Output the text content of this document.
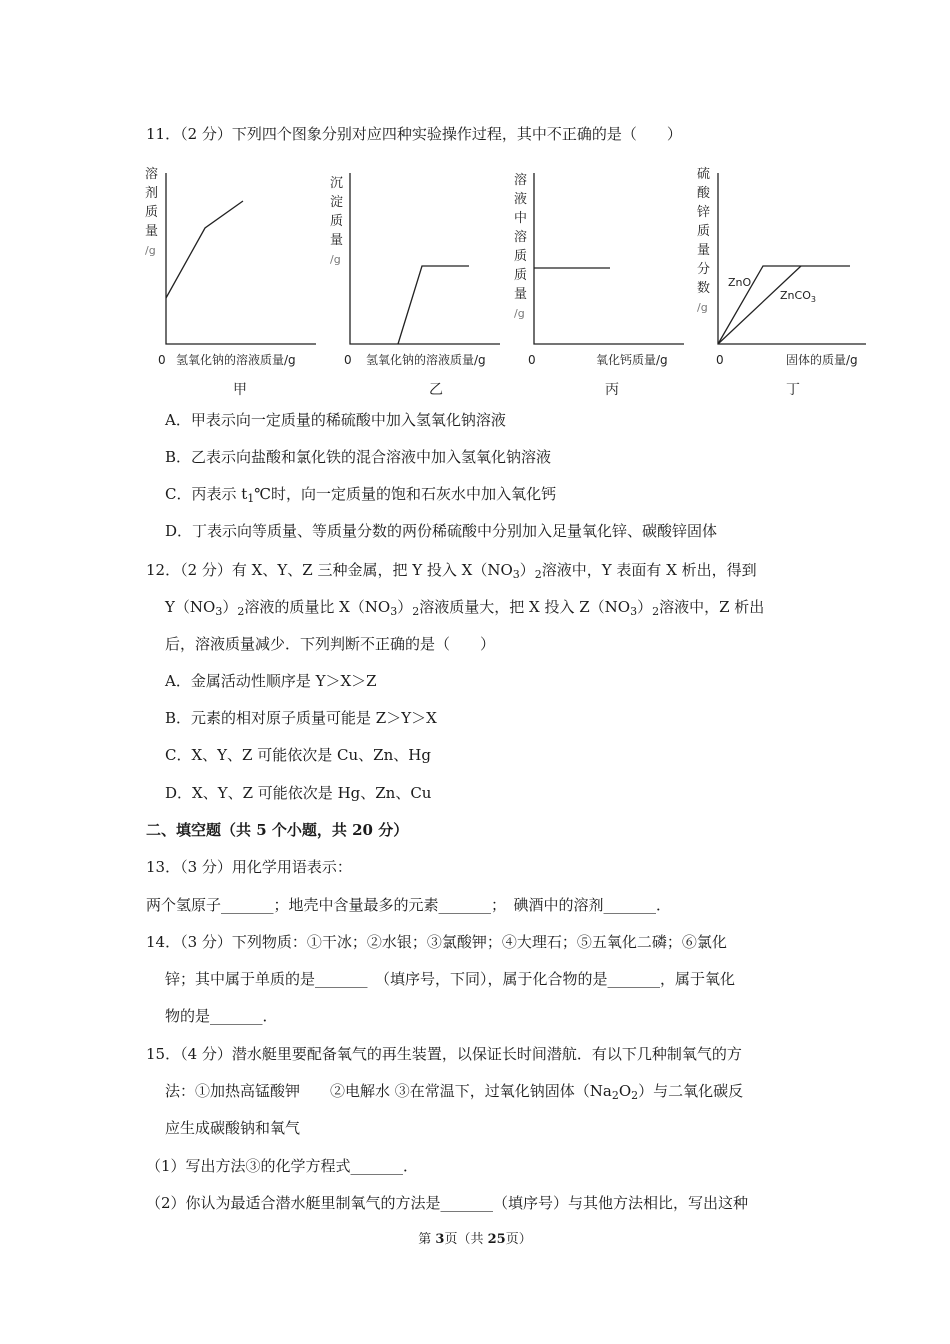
11．（2 分）下列四个图象分别对应四种实验操作过程，其中不正确的是（　　）
溶
剂
质
量
/g
0 氢氧化钠的溶液质量/g
甲
沉
淀
质
量
/g
0 氢氧化钠的溶液质量/g
乙
溶
液
中
溶
质
质
量
/g
0	氧化钙质量/g
丙
硫
酸
锌
质
量
分
数
/g
ZnO
ZnCO$_3$
0	固体的质量/g
丁
A．甲表示向一定质量的稀硫酸中加入氢氧化钠溶液
B．乙表示向盐酸和氯化铁的混合溶液中加入氢氧化钠溶液
C．丙表示 $t_1℃$时，向一定质量的饱和石灰水中加入氧化钙
D．丁表示向等质量、等质量分数的两份稀硫酸中分别加入足量氧化锌、碳酸锌固体
12．（2 分）有 X、Y、Z 三种金属，把 Y 投入 $X(NO_3)_2$溶液中，Y 表面有 X 析出，得到
$Y(NO_3)_2$溶液的质量比 $X(NO_3)_2$溶液质量大，把 X 投入 $Z(NO_3)_2$溶液中，Z 析出
后，溶液质量减少．下列判断不正确的是（　　）
A．金属活动性顺序是 Y＞X＞Z
B．元素的相对原子质量可能是 Z＞Y＞X
C．X、Y、Z 可能依次是 Cu、Zn、Hg
D．X、Y、Z 可能依次是 Hg、Zn、Cu
二、填空题（共 5 个小题，共 20 分）
13．（3 分）用化学用语表示：
两个氢原子_______；地壳中含量最多的元素_______；　碘酒中的溶剂_______．
14．（3 分）下列物质：①干冰；②水银；③氯酸钾；④大理石；⑤五氧化二磷；⑥氯化
锌；其中属于单质的是_______　（填序号，下同），属于化合物的是_______，属于氧化
物的是_______．
15．（4 分）潜水艇里要配备氧气的再生装置，以保证长时间潜航．有以下几种制氧气的方
法：①加热高锰酸钾　　②电解水 ③在常温下，过氧化钠固体$(Na_2O_2)$与二氧化碳反
应生成碳酸钠和氧气
（1）写出方法③的化学方程式_______．
（2）你认为最适合潜水艇里制氧气的方法是_______（填序号）与其他方法相比，写出这种
第 3页（共 25页）
